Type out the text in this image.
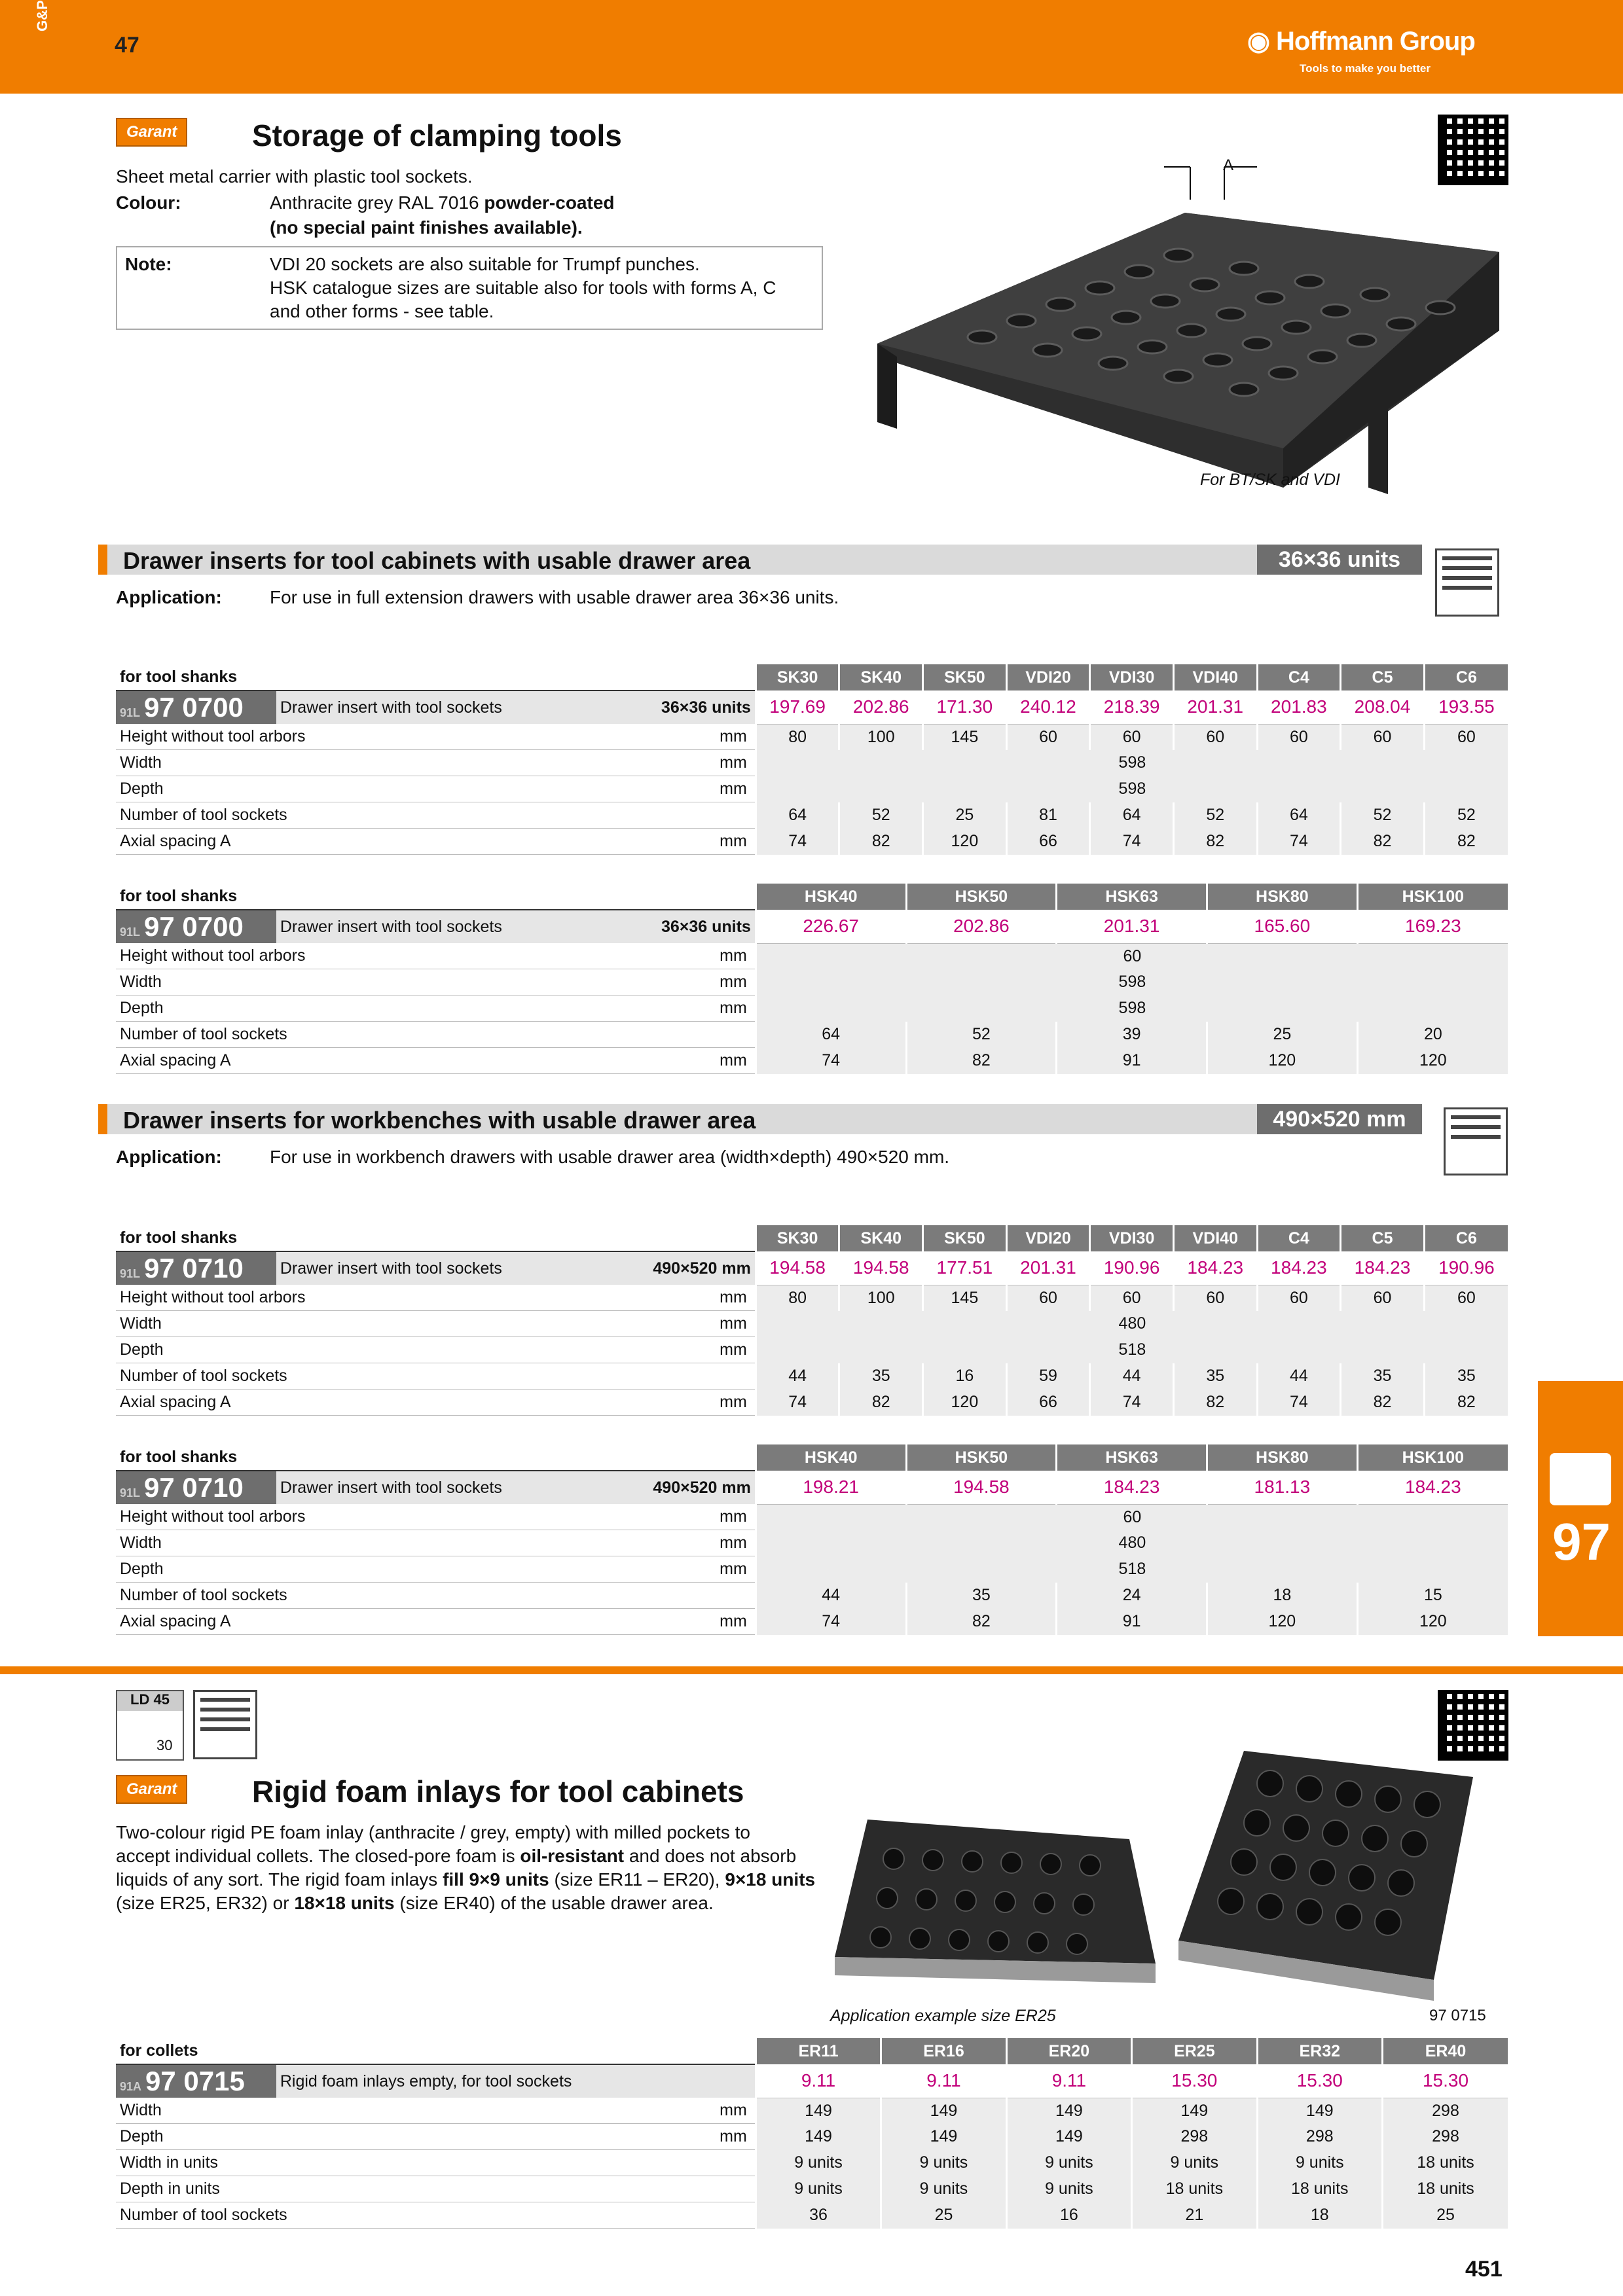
G&P
47	◉ Hoffmann Group
Tools to make you better
Garant	Storage of clamping tools
Sheet metal carrier with plastic tool sockets.
Colour:	Anthracite grey RAL 7016 powder-coated
(no special paint finishes available).
Note:	VDI 20 sockets are also suitable for Trumpf punches.
HSK catalogue sizes are suitable also for tools with forms A, C
and other forms - see table.
A
For BT/SK and VDI
Drawer inserts for tool cabinets with usable drawer area	36×36 units
Application:	For use in full extension drawers with usable drawer area 36×36 units.
for tool shanks			SK30	SK40	SK50	VDI20	VDI30	VDI40	C4	C5	C6
91L 97 0700	Drawer insert with tool sockets	36×36 units	197.69	202.86	171.30	240.12	218.39	201.31	201.83	208.04	193.55
Height without tool arbors		mm	80	100	145	60	60	60	60	60	60
Width		mm	598								
Depth		mm	598								
Number of tool sockets			64	52	25	81	64	52	64	52	52
Axial spacing A		mm	74	82	120	66	74	82	74	82	82
for tool shanks			HSK40	HSK50	HSK63	HSK80	HSK100
91L 97 0700	Drawer insert with tool sockets	36×36 units	226.67	202.86	201.31	165.60	169.23
Height without tool arbors		mm	60				
Width		mm	598				
Depth		mm	598				
Number of tool sockets			64	52	39	25	20
Axial spacing A		mm	74	82	91	120	120
Drawer inserts for workbenches with usable drawer area	490×520 mm
Application:	For use in workbench drawers with usable drawer area (width×depth) 490×520 mm.
for tool shanks			SK30	SK40	SK50	VDI20	VDI30	VDI40	C4	C5	C6
91L 97 0710	Drawer insert with tool sockets	490×520 mm	194.58	194.58	177.51	201.31	190.96	184.23	184.23	184.23	190.96
Height without tool arbors		mm	80	100	145	60	60	60	60	60	60
Width		mm	480								
Depth		mm	518								
Number of tool sockets			44	35	16	59	44	35	44	35	35
Axial spacing A		mm	74	82	120	66	74	82	74	82	82
for tool shanks			HSK40	HSK50	HSK63	HSK80	HSK100
91L 97 0710	Drawer insert with tool sockets	490×520 mm	198.21	194.58	184.23	181.13	184.23
Height without tool arbors		mm	60				
Width		mm	480				
Depth		mm	518				
Number of tool sockets			44	35	24	18	15
Axial spacing A		mm	74	82	91	120	120
97
LD 45
30
Garant	Rigid foam inlays for tool cabinets
Two-colour rigid PE foam inlay (anthracite / grey, empty) with milled pockets to
accept individual collets. The closed-pore foam is oil-resistant and does not absorb
liquids of any sort. The rigid foam inlays fill 9×9 units (size ER11 – ER20), 9×18 units
(size ER25, ER32) or 18×18 units (size ER40) of the usable drawer area.
Application example size ER25	97 0715
for collets			ER11	ER16	ER20	ER25	ER32	ER40
91A 97 0715	Rigid foam inlays empty, for tool sockets		9.11	9.11	9.11	15.30	15.30	15.30
Width		mm	149	149	149	149	149	298
Depth		mm	149	149	149	298	298	298
Width in units			9 units	9 units	9 units	9 units	9 units	18 units
Depth in units			9 units	9 units	9 units	18 units	18 units	18 units
Number of tool sockets			36	25	16	21	18	25
451
